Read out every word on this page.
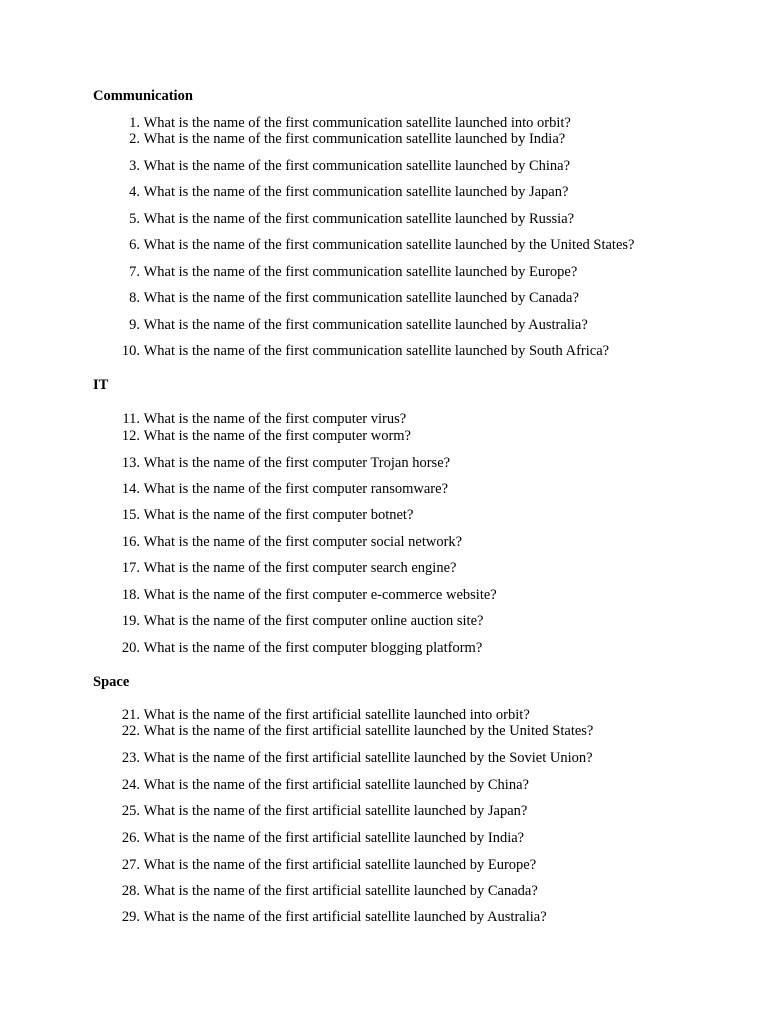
Communication
1. What is the name of the first communication satellite launched into orbit?
2. What is the name of the first communication satellite launched by India?
3. What is the name of the first communication satellite launched by China?
4. What is the name of the first communication satellite launched by Japan?
5. What is the name of the first communication satellite launched by Russia?
6. What is the name of the first communication satellite launched by the United States?
7. What is the name of the first communication satellite launched by Europe?
8. What is the name of the first communication satellite launched by Canada?
9. What is the name of the first communication satellite launched by Australia?
10. What is the name of the first communication satellite launched by South Africa?
IT
11. What is the name of the first computer virus?
12. What is the name of the first computer worm?
13. What is the name of the first computer Trojan horse?
14. What is the name of the first computer ransomware?
15. What is the name of the first computer botnet?
16. What is the name of the first computer social network?
17. What is the name of the first computer search engine?
18. What is the name of the first computer e-commerce website?
19. What is the name of the first computer online auction site?
20. What is the name of the first computer blogging platform?
Space
21. What is the name of the first artificial satellite launched into orbit?
22. What is the name of the first artificial satellite launched by the United States?
23. What is the name of the first artificial satellite launched by the Soviet Union?
24. What is the name of the first artificial satellite launched by China?
25. What is the name of the first artificial satellite launched by Japan?
26. What is the name of the first artificial satellite launched by India?
27. What is the name of the first artificial satellite launched by Europe?
28. What is the name of the first artificial satellite launched by Canada?
29. What is the name of the first artificial satellite launched by Australia?
